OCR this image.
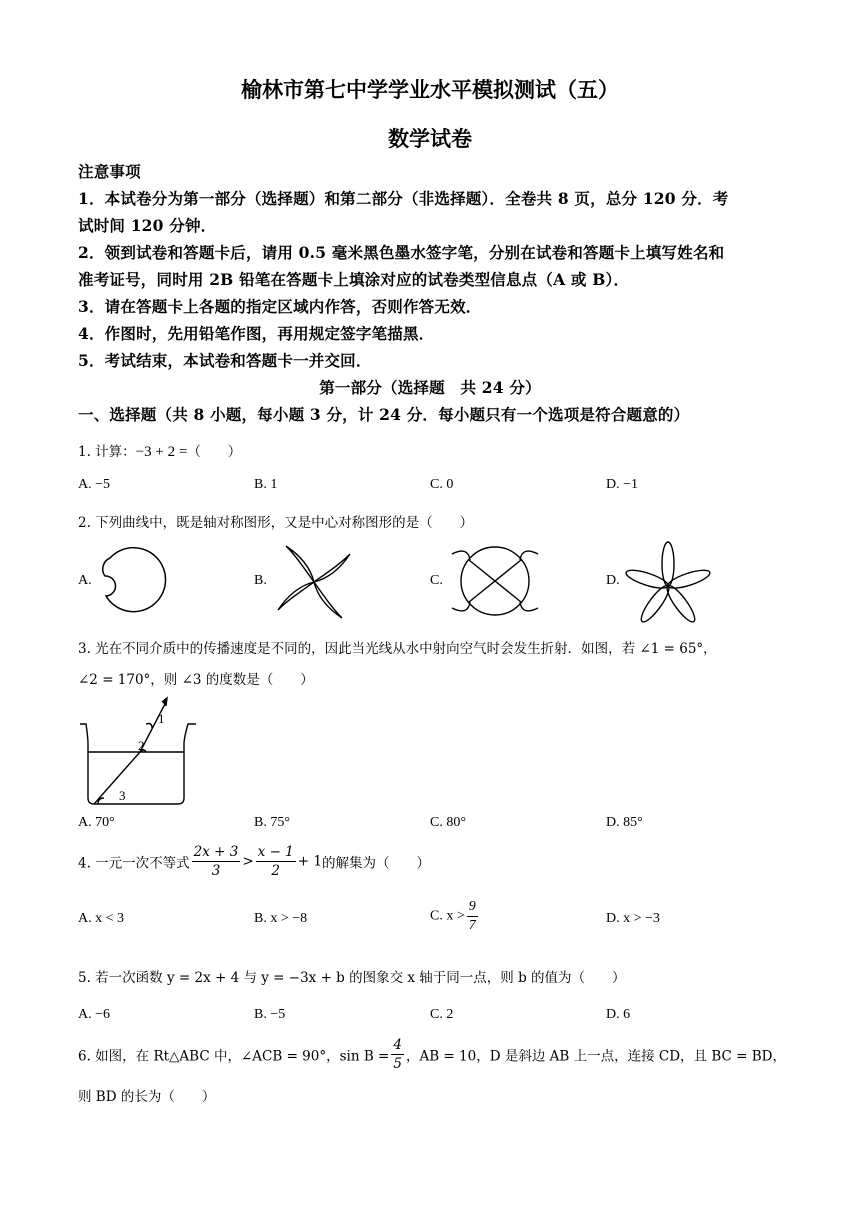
榆林市第七中学学业水平模拟测试（五）
数学试卷
注意事项
1．本试卷分为第一部分（选择题）和第二部分（非选择题）．全卷共 8 页，总分 120 分．考
试时间 120 分钟．
2．领到试卷和答题卡后，请用 0.5 毫米黑色墨水签字笔，分别在试卷和答题卡上填写姓名和
准考证号，同时用 2B 铅笔在答题卡上填涂对应的试卷类型信息点（A 或 B）．
3．请在答题卡上各题的指定区域内作答，否则作答无效．
4．作图时，先用铅笔作图，再用规定签字笔描黑．
5．考试结束，本试卷和答题卡一并交回．
第一部分（选择题　共 24 分）
一、选择题（共 8 小题，每小题 3 分，计 24 分．每小题只有一个选项是符合题意的）
1. 计算：−3 + 2 =（　　）
A. −5	B. 1	C. 0	D. −1
2. 下列曲线中，既是轴对称图形，又是中心对称图形的是（　　）
A.	B.	C.	D.
3. 光在不同介质中的传播速度是不同的，因此当光线从水中射向空气时会发生折射．如图，若 ∠1 = 65°，
∠2 = 170°，则 ∠3 的度数是（　　）
1
2
3
A. 70°	B. 75°	C. 80°	D. 85°
4. 一元一次不等式 $\frac{2x + 3}{3} > \frac{x - 1}{2} + 1$的解集为（　　）
A. x < 3	B. x > −8	C. $x > \frac{9}{7}$	D. x > −3
5. 若一次函数 y = 2x + 4 与 y = −3x + b 的图象交 x 轴于同一点，则 b 的值为（　　）
A. −6	B. −5	C. 2	D. 6
6. 如图，在 Rt△ABC 中，∠ACB = 90°，$\sin B = \frac{4}{5}$ ，AB = 10，D 是斜边 AB 上一点，连接 CD，且 BC = BD，
则 BD 的长为（　　）
